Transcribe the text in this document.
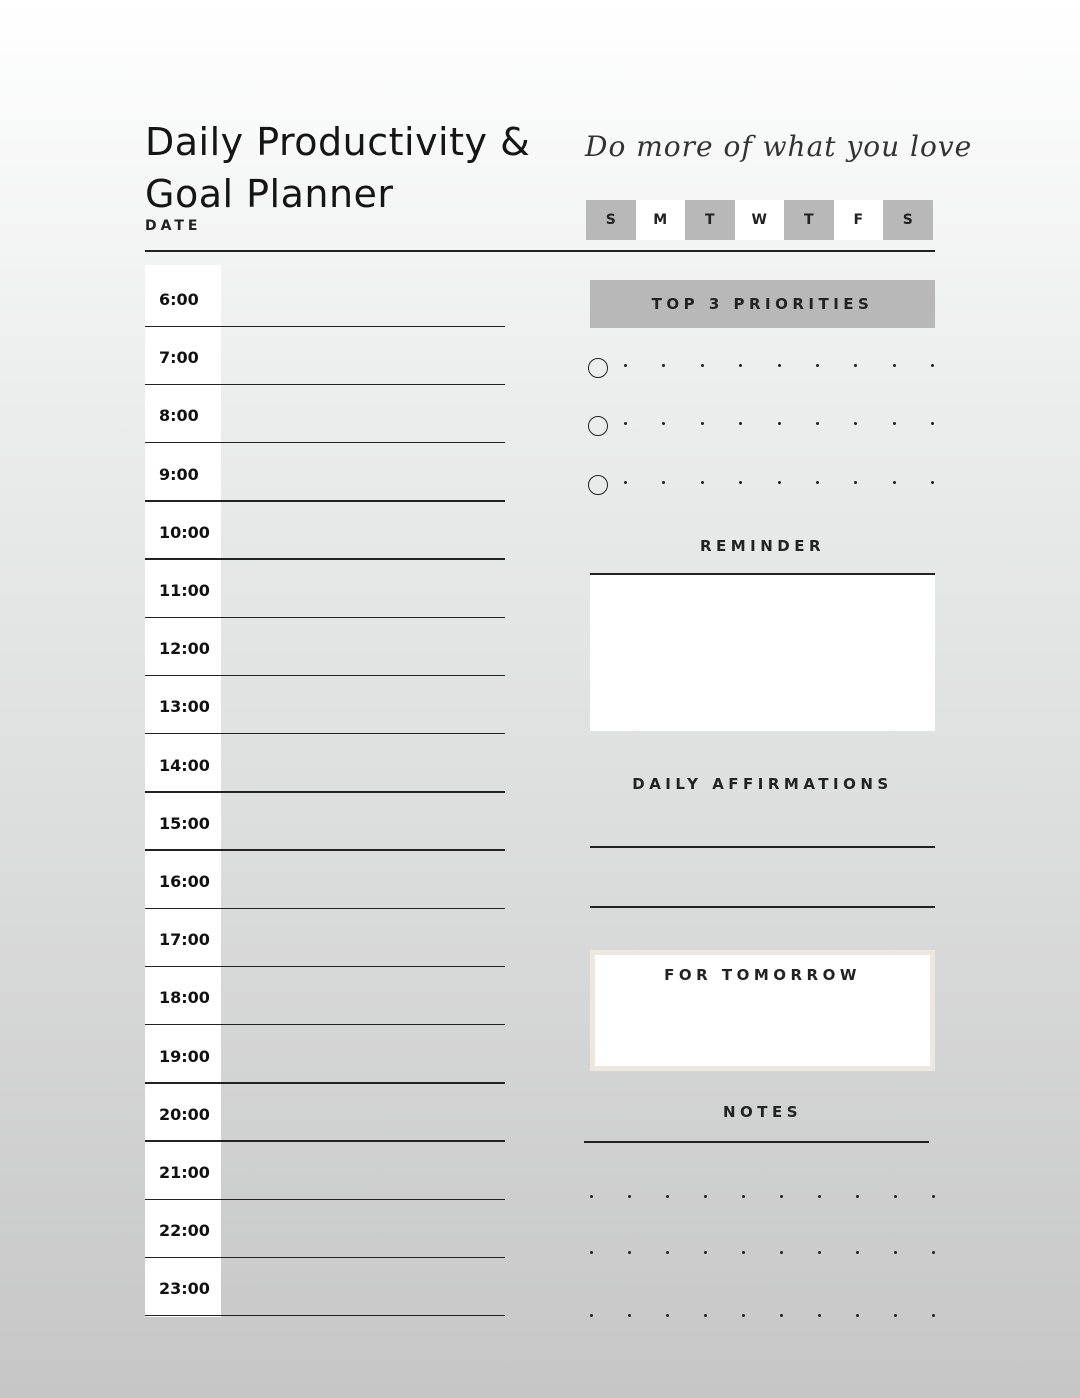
Daily Productivity &
Goal Planner
DATE
Do more of what you love
S	M	T	W	T	F	S
6:00
7:00
8:00
9:00
10:00
11:00
12:00
13:00
14:00
15:00
16:00
17:00
18:00
19:00
20:00
21:00
22:00
23:00
TOP 3 PRIORITIES
REMINDER
DAILY AFFIRMATIONS
FOR TOMORROW
NOTES
